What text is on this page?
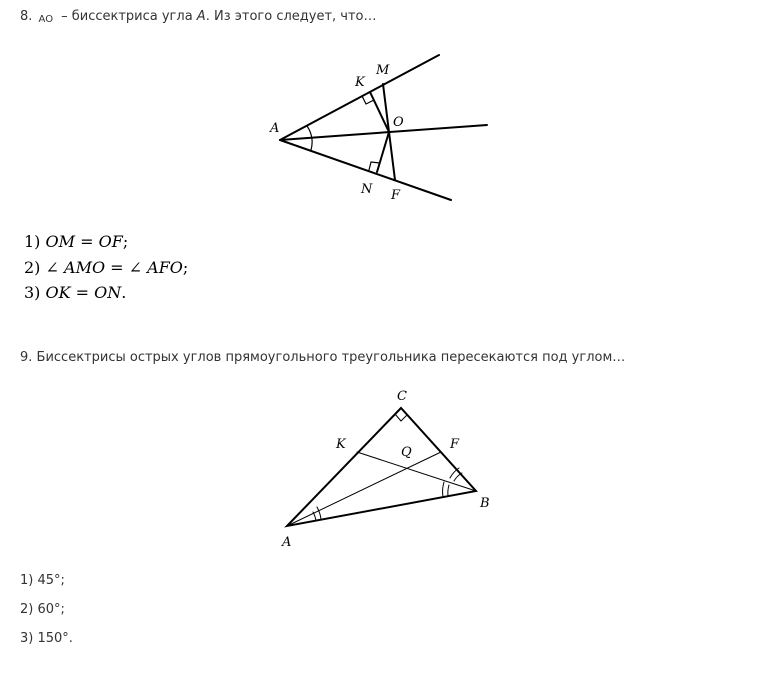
8. AO – биссектриса угла А. Из этого следует, что…
A
K
M
O
N F
C
K
Q
F
B
A
1) OM = OF;
2) ∠ AMO = ∠ AFO;
3) OK = ON.
9. Биссектрисы острых углов прямоугольного треугольника пересекаются под углом…
1) 45°;
2) 60°;
3) 150°.
